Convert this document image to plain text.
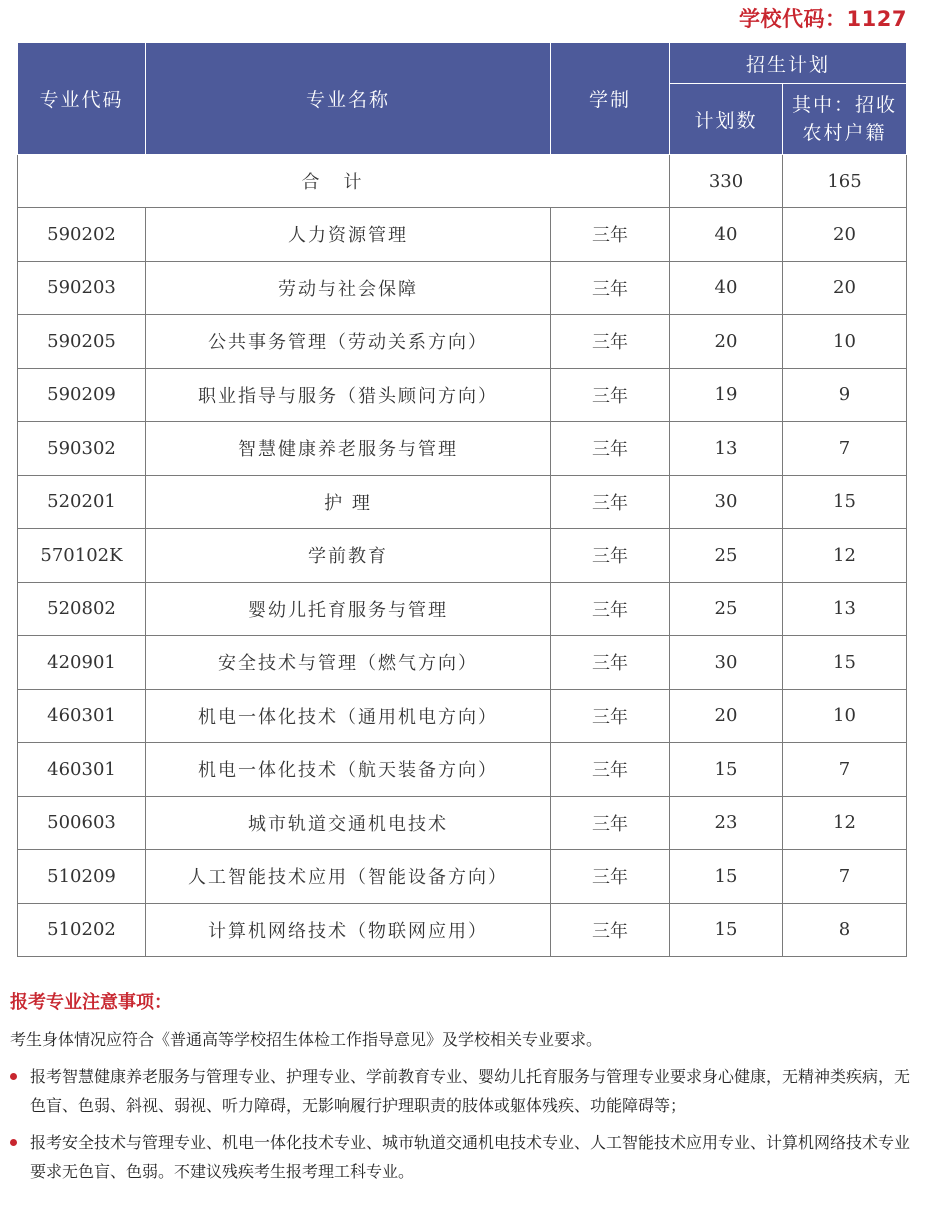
学校代码：1127
专业代码	专业名称	学制	招生计划	
			计划数	其中：招收
农村户籍

合计			330	165
590202	人力资源管理	三年	40	20
590203	劳动与社会保障	三年	40	20
590205	公共事务管理（劳动关系方向）	三年	20	10
590209	职业指导与服务（猎头顾问方向）	三年	19	9
590302	智慧健康养老服务与管理	三年	13	7
520201	护 理	三年	30	15
570102K	学前教育	三年	25	12
520802	婴幼儿托育服务与管理	三年	25	13
420901	安全技术与管理（燃气方向）	三年	30	15
460301	机电一体化技术（通用机电方向）	三年	20	10
460301	机电一体化技术（航天装备方向）	三年	15	7
500603	城市轨道交通机电技术	三年	23	12
510209	人工智能技术应用（智能设备方向）	三年	15	7
510202	计算机网络技术（物联网应用）	三年	15	8
报考专业注意事项：
考生身体情况应符合《普通高等学校招生体检工作指导意见》及学校相关专业要求。
报考智慧健康养老服务与管理专业、护理专业、学前教育专业、婴幼儿托育服务与管理专业要求身心健康，无精神类疾病，无色盲、色弱、斜视、弱视、听力障碍，无影响履行护理职责的肢体或躯体残疾、功能障碍等；
报考安全技术与管理专业、机电一体化技术专业、城市轨道交通机电技术专业、人工智能技术应用专业、计算机网络技术专业要求无色盲、色弱。不建议残疾考生报考理工科专业。
